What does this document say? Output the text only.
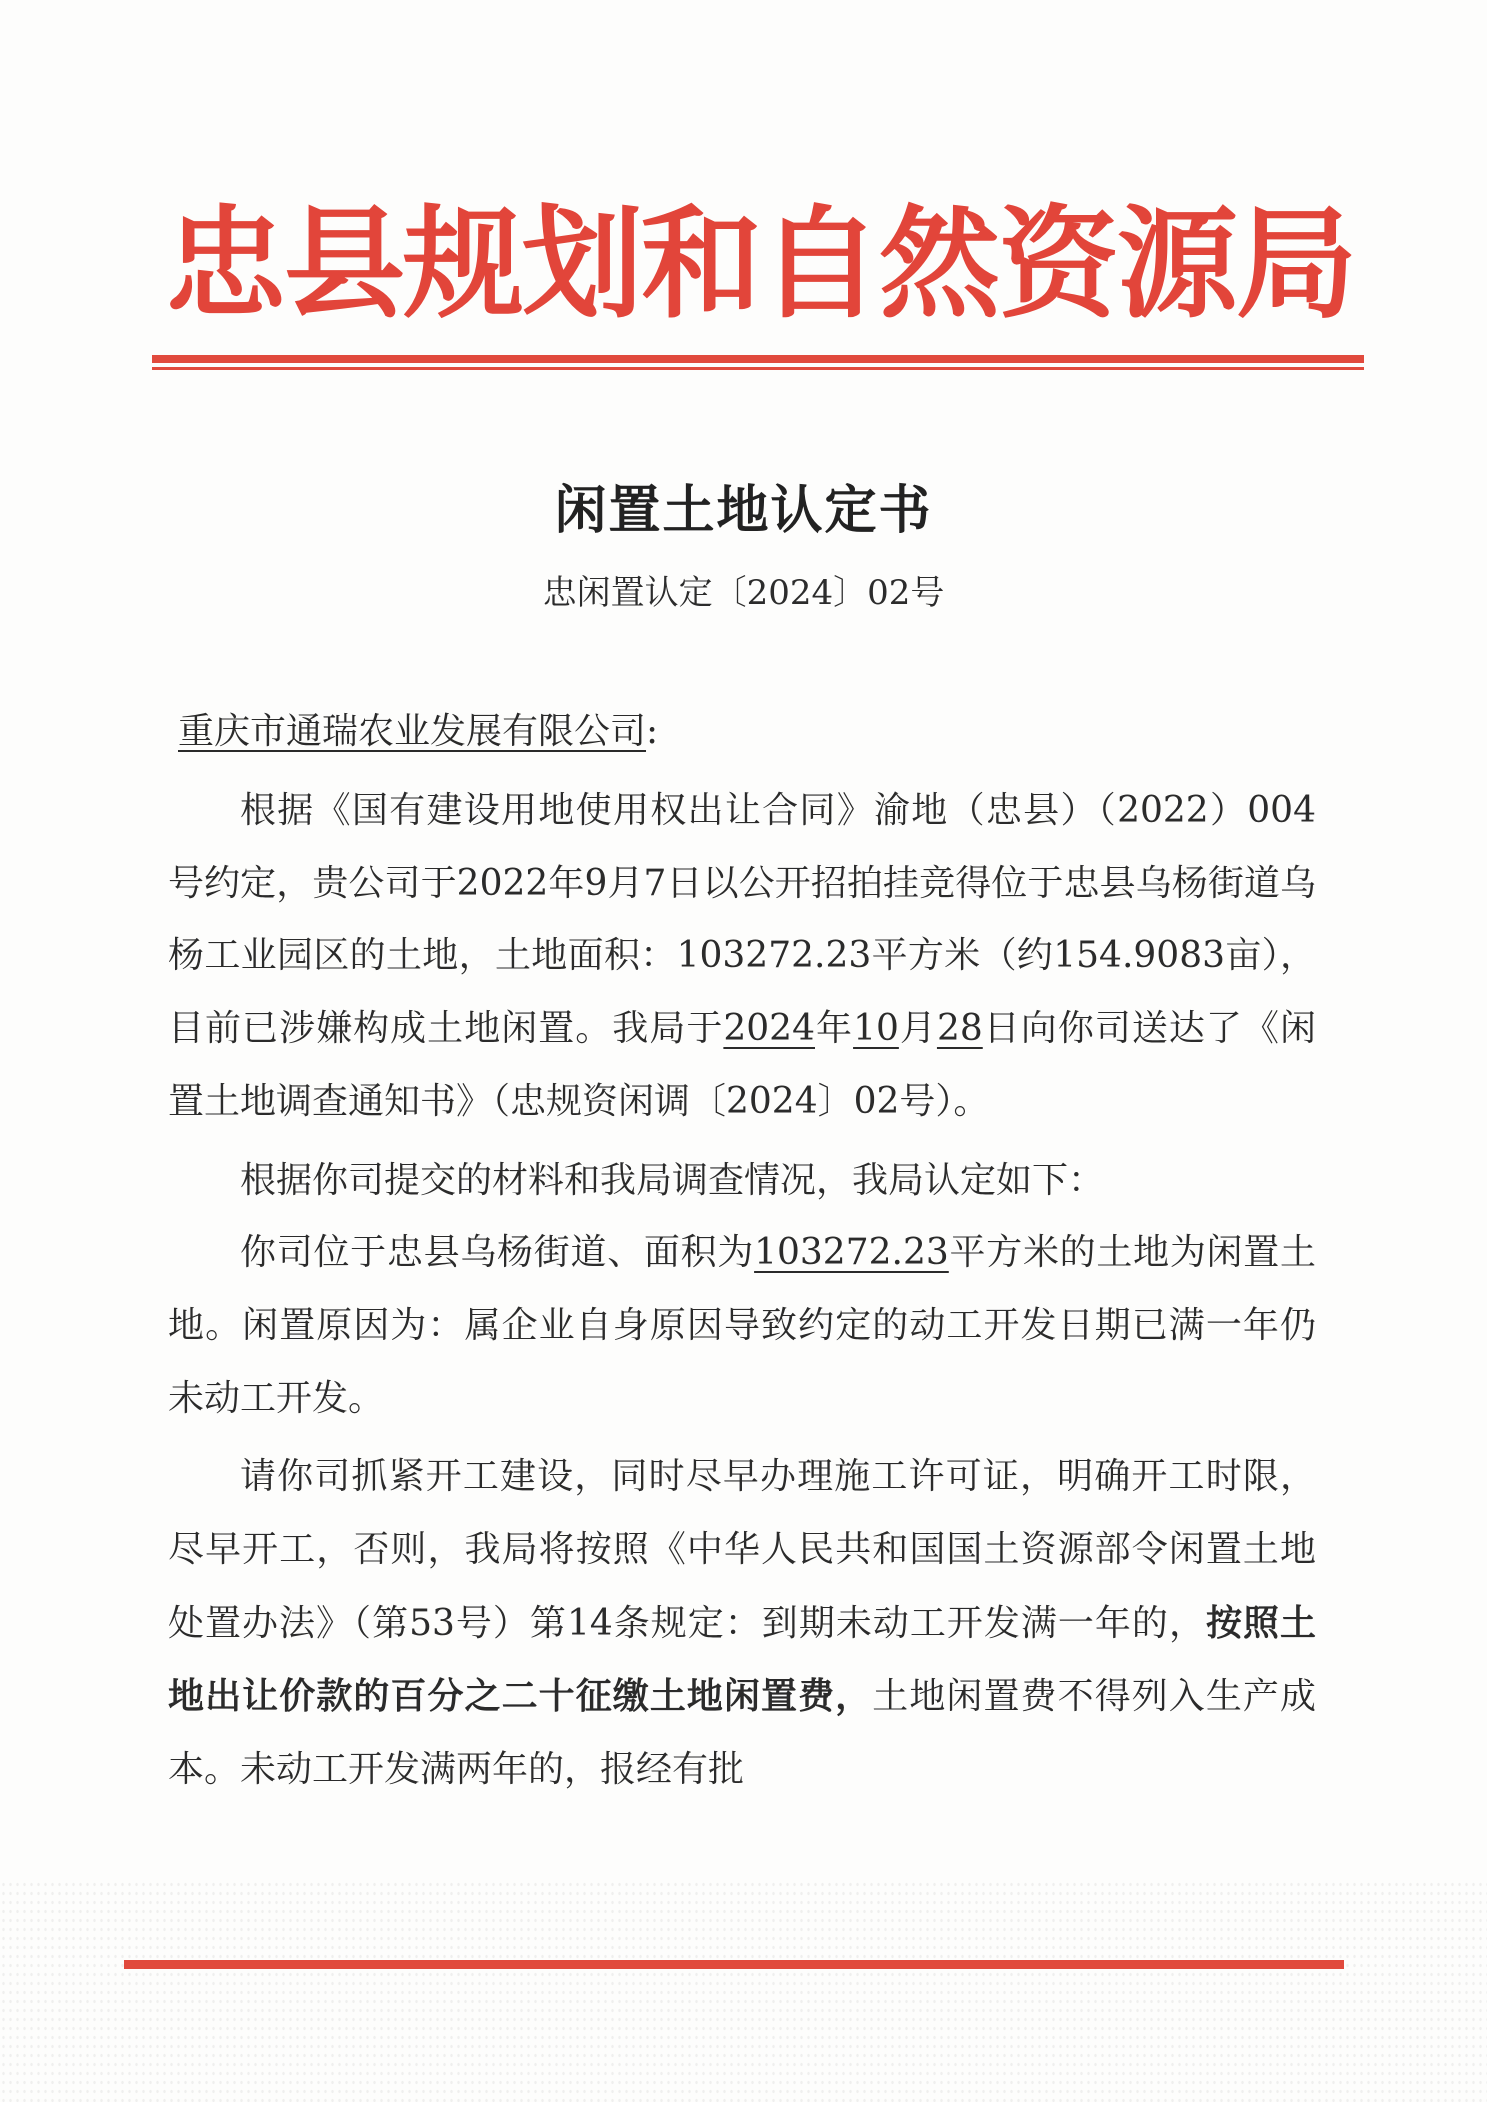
忠县规划和自然资源局
闲置土地认定书
忠闲置认定〔2024〕02号
重庆市通瑞农业发展有限公司:

根据《国有建设用地使用权出让合同》渝地（忠县）（2022）004号约定，贵公司于2022年9月7日以公开招拍挂竞得位于忠县乌杨街道乌杨工业园区的土地，土地面积：103272.23平方米（约154.9083亩），目前已涉嫌构成土地闲置。我局于2024年10月28日向你司送达了《闲置土地调查通知书》（忠规资闲调〔2024〕02号）。

根据你司提交的材料和我局调查情况，我局认定如下：

你司位于忠县乌杨街道、面积为103272.23平方米的土地为闲置土地。闲置原因为：属企业自身原因导致约定的动工开发日期已满一年仍未动工开发。

请你司抓紧开工建设，同时尽早办理施工许可证，明确开工时限，尽早开工，否则，我局将按照《中华人民共和国国土资源部令闲置土地处置办法》（第53号）第14条规定：到期未动工开发满一年的，按照土地出让价款的百分之二十征缴土地闲置费，土地闲置费不得列入生产成本。未动工开发满两年的，报经有批
